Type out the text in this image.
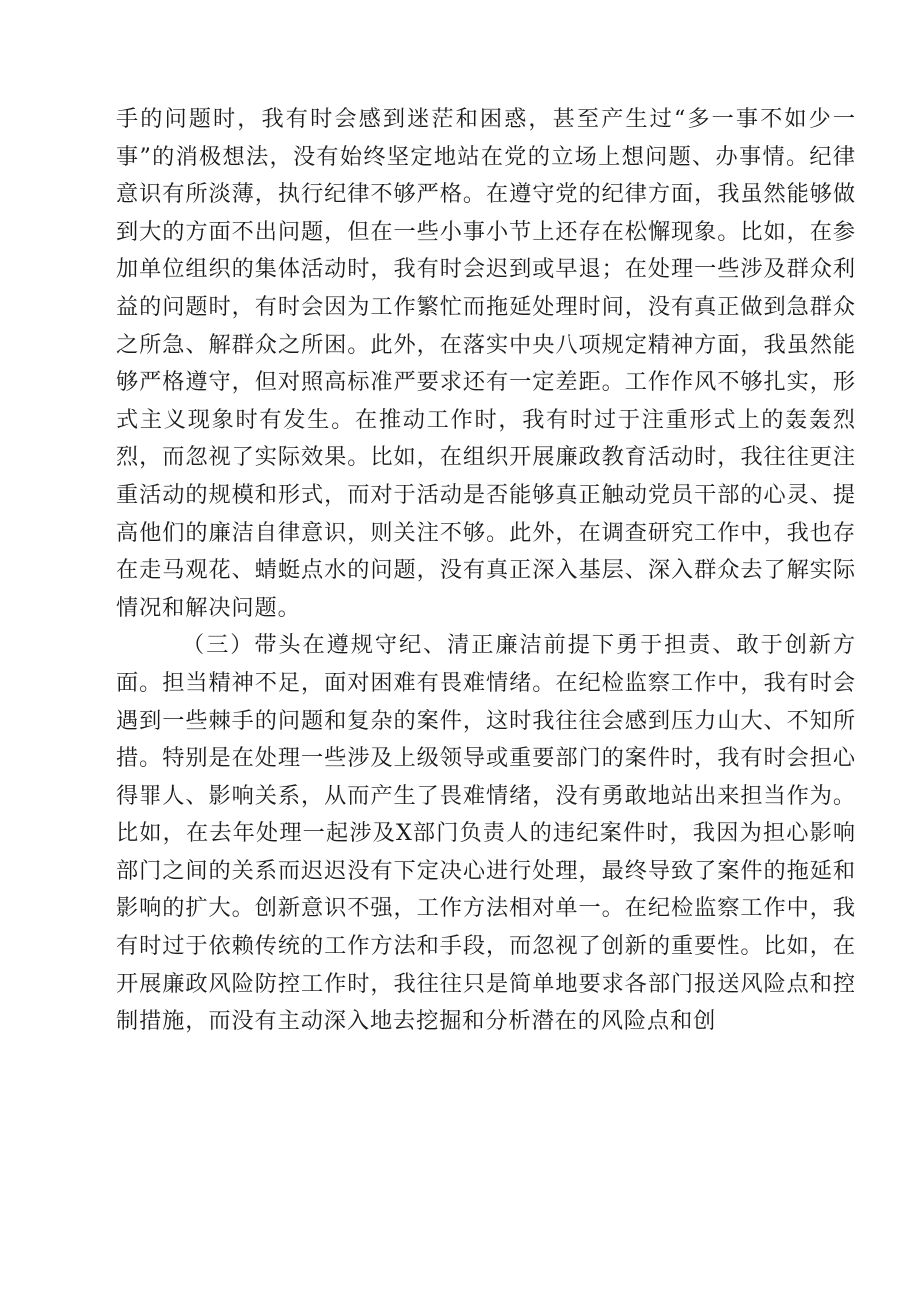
手的问题时，我有时会感到迷茫和困惑，甚至产生过“多一事不如少一事”的消极想法，没有始终坚定地站在党的立场上想问题、办事情。纪律意识有所淡薄，执行纪律不够严格。在遵守党的纪律方面，我虽然能够做到大的方面不出问题，但在一些小事小节上还存在松懈现象。比如，在参加单位组织的集体活动时，我有时会迟到或早退；在处理一些涉及群众利益的问题时，有时会因为工作繁忙而拖延处理时间，没有真正做到急群众之所急、解群众之所困。此外，在落实中央八项规定精神方面，我虽然能够严格遵守，但对照高标准严要求还有一定差距。工作作风不够扎实，形式主义现象时有发生。在推动工作时，我有时过于注重形式上的轰轰烈烈，而忽视了实际效果。比如，在组织开展廉政教育活动时，我往往更注重活动的规模和形式，而对于活动是否能够真正触动党员干部的心灵、提高他们的廉洁自律意识，则关注不够。此外，在调查研究工作中，我也存在走马观花、蜻蜓点水的问题，没有真正深入基层、深入群众去了解实际情况和解决问题。

（三）带头在遵规守纪、清正廉洁前提下勇于担责、敢于创新方面。担当精神不足，面对困难有畏难情绪。在纪检监察工作中，我有时会遇到一些棘手的问题和复杂的案件，这时我往往会感到压力山大、不知所措。特别是在处理一些涉及上级领导或重要部门的案件时，我有时会担心得罪人、影响关系，从而产生了畏难情绪，没有勇敢地站出来担当作为。比如，在去年处理一起涉及X部门负责人的违纪案件时，我因为担心影响部门之间的关系而迟迟没有下定决心进行处理，最终导致了案件的拖延和影响的扩大。创新意识不强，工作方法相对单一。在纪检监察工作中，我有时过于依赖传统的工作方法和手段，而忽视了创新的重要性。比如，在开展廉政风险防控工作时，我往往只是简单地要求各部门报送风险点和控制措施，而没有主动深入地去挖掘和分析潜在的风险点和创
